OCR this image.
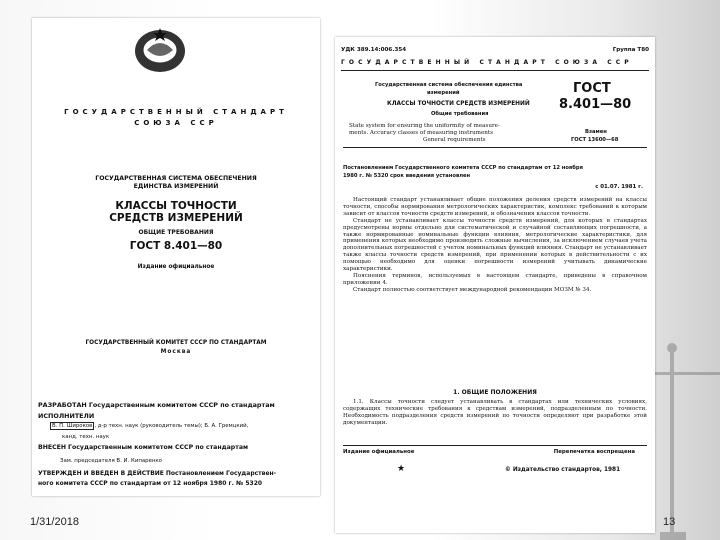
ГОСУДАРСТВЕННЫЙ СТАНДАРТ
СОЮЗА ССР
ГОСУДАРСТВЕННАЯ СИСТЕМА ОБЕСПЕЧЕНИЯ
ЕДИНСТВА ИЗМЕРЕНИЙ
КЛАССЫ ТОЧНОСТИ
СРЕДСТВ ИЗМЕРЕНИЙ
ОБЩИЕ ТРЕБОВАНИЯ
ГОСТ 8.401—80
Издание официальное
ГОСУДАРСТВЕННЫЙ КОМИТЕТ СССР ПО СТАНДАРТАМ
Москва
РАЗРАБОТАН Государственным комитетом СССР по стандартам
ИСПОЛНИТЕЛИ
В. П. Широков , д-р техн. наук (руководитель темы); Б. А. Гремцкий,
канд. техн. наук
ВНЕСЕН Государственным комитетом СССР по стандартам
Зам. председателя В. И. Кипаренко
УТВЕРЖДЕН И ВВЕДЕН В ДЕЙСТВИЕ Постановлением Государствен-
ного комитета СССР по стандартам от 12 ноября 1980 г. № 5320
УДК 389.14:006.354	Группа Т80
ГОСУДАРСТВЕННЫЙ СТАНДАРТ СОЮЗА ССР
Государственная система обеспечения единства
измерений
КЛАССЫ ТОЧНОСТИ СРЕДСТВ ИЗМЕРЕНИЙ
Общие требования
State system for ensuring the uniformity of measure-
ments. Accuracy classes of measuring instruments
General requirements
ГОСТ
8.401—80
Взамен
ГОСТ 13600—68
Постановлением Государственного комитета СССР по стандартам от 12 ноября
1980 г. № 5320 срок введения установлен
с 01.07. 1981 г.

Настоящий стандарт устанавливает общие положения деления средств измерений на классы точности, способы нормирования метрологических характеристик, комплекс требований к которым зависит от классов точности средств измерений, и обозначения классов точности.

Стандарт не устанавливает классы точности средств измерений, для которых в стандартах предусмотрены нормы отдельно для систематической и случайной составляющих погрешности, а также нормированные номинальные функции влияния, метрологические характеристики, для применения которых необходимо производить сложные вычисления, за исключением случаев учета дополнительных погрешностей с учетом номинальных функций влияния. Стандарт не устанавливает также классы точности средств измерений, при применении которых в действительности с их помощью необходимо для оценки погрешности измерений учитывать динамические характеристики.

Пояснения терминов, используемых в настоящем стандарте, приведены в справочном приложении 4.

Стандарт полностью соответствует международной рекомендации МОЗМ № 34.

1. ОБЩИЕ ПОЛОЖЕНИЯ

1.1. Классы точности следует устанавливать в стандартах или технических условиях, содержащих технические требования к средствам измерений, подразделенным по точности. Необходимость подразделения средств измерений по точности определяют при разработке этой документации.

Издание официальное	Перепечатка воспрещена
★	© Издательство стандартов, 1981
1/31/2018	13
